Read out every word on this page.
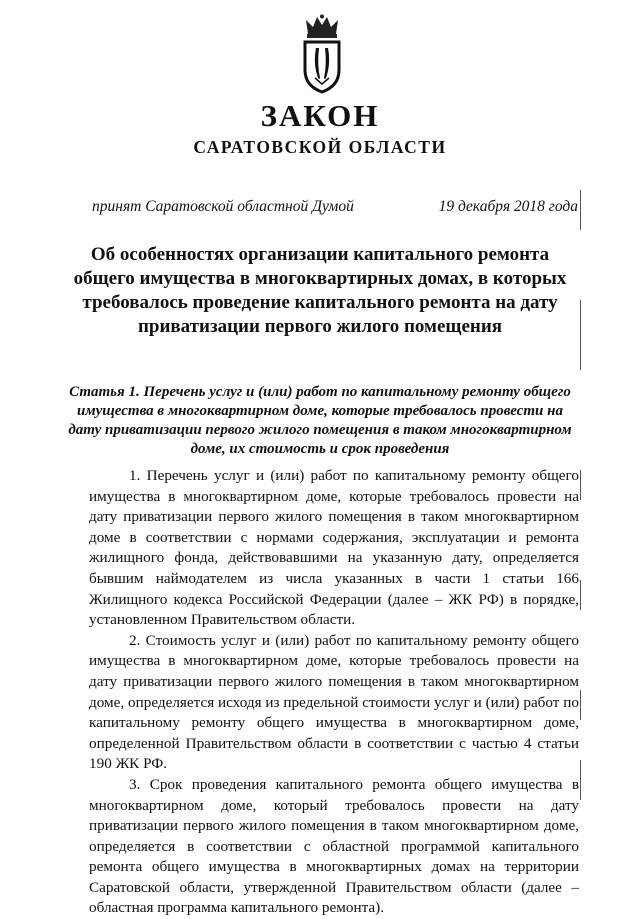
ЗАКОН
САРАТОВСКОЙ ОБЛАСТИ

принят Саратовской областной Думой	19 декабря 2018 года

Об особенностях организации капитального ремонта общего имущества в многоквартирных домах, в которых требовалось проведение капитального ремонта на дату приватизации первого жилого помещения

Статья 1. Перечень услуг и (или) работ по капитальному ремонту общего имущества в многоквартирном доме, которые требовалось провести на дату приватизации первого жилого помещения в таком многоквартирном доме, их стоимость и срок проведения

1. Перечень услуг и (или) работ по капитальному ремонту общего имущества в многоквартирном доме, которые требовалось провести на дату приватизации первого жилого помещения в таком многоквартирном доме в соответствии с нормами содержания, эксплуатации и ремонта жилищного фонда, действовавшими на указанную дату, определяется бывшим наймодателем из числа указанных в части 1 статьи 166 Жилищного кодекса Российской Федерации (далее – ЖК РФ) в порядке, установленном Правительством области.

2. Стоимость услуг и (или) работ по капитальному ремонту общего имущества в многоквартирном доме, которые требовалось провести на дату приватизации первого жилого помещения в таком многоквартирном доме, определяется исходя из предельной стоимости услуг и (или) работ по капитальному ремонту общего имущества в многоквартирном доме, определенной Правительством области в соответствии с частью 4 статьи 190 ЖК РФ.

3. Срок проведения капитального ремонта общего имущества в многоквартирном доме, который требовалось провести на дату приватизации первого жилого помещения в таком многоквартирном доме, определяется в соответствии с областной программой капитального ремонта общего имущества в многоквартирных домах на территории Саратовской области, утвержденной Правительством области (далее – областная программа капитального ремонта).
